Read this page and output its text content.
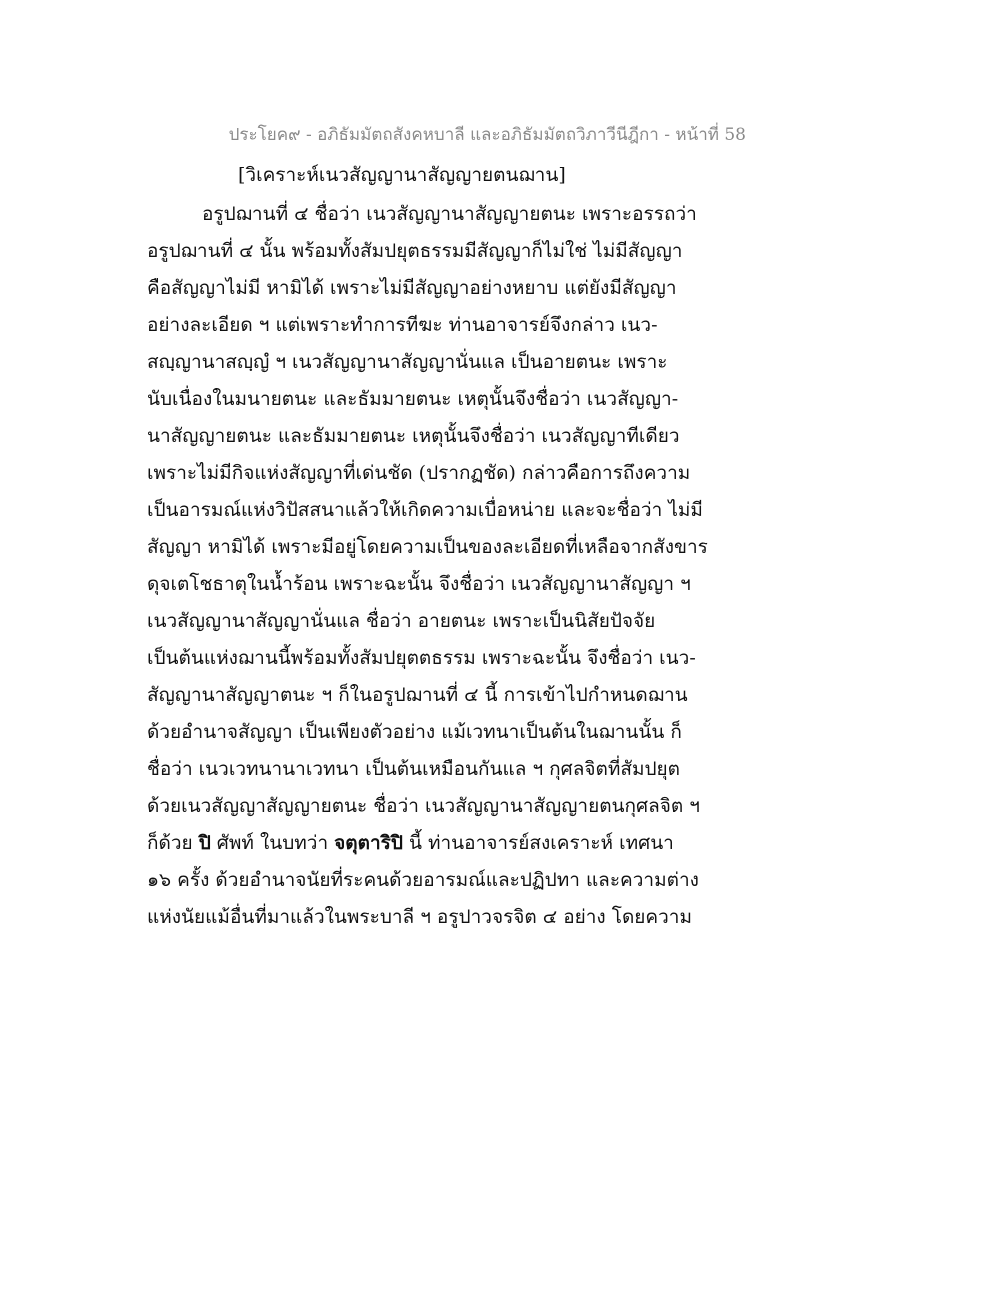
ประโยค๙ - อภิธัมมัตถสังคหบาลี และอภิธัมมัตถวิภาวีนีฎีกา - หน้าที่ 58
[วิเคราะห์เนวสัญญานาสัญญายตนฌาน]
อรูปฌานที่ ๔ ชื่อว่า เนวสัญญานาสัญญายตนะ เพราะอรรถว่า
อรูปฌานที่ ๔ นั้น พร้อมทั้งสัมปยุตธรรมมีสัญญาก็ไม่ใช่ ไม่มีสัญญา
คือสัญญาไม่มี หามิได้ เพราะไม่มีสัญญาอย่างหยาบ แต่ยังมีสัญญา
อย่างละเอียด ฯ แต่เพราะทำการทีฆะ ท่านอาจารย์จึงกล่าว เนว-
สญฺญานาสญฺญํ ฯ เนวสัญญานาสัญญานั่นแล เป็นอายตนะ เพราะ
นับเนื่องในมนายตนะ และธัมมายตนะ เหตุนั้นจึงชื่อว่า เนวสัญญา-
นาสัญญายตนะ และธัมมายตนะ เหตุนั้นจึงชื่อว่า เนวสัญญาทีเดียว
เพราะไม่มีกิจแห่งสัญญาที่เด่นชัด (ปรากฏชัด) กล่าวคือการถึงความ
เป็นอารมณ์แห่งวิปัสสนาแล้วให้เกิดความเบื่อหน่าย และจะชื่อว่า ไม่มี
สัญญา หามิได้ เพราะมีอยู่โดยความเป็นของละเอียดที่เหลือจากสังขาร
ดุจเตโชธาตุในน้ำร้อน เพราะฉะนั้น จึงชื่อว่า เนวสัญญานาสัญญา ฯ
เนวสัญญานาสัญญานั่นแล ชื่อว่า อายตนะ เพราะเป็นนิสัยปัจจัย
เป็นต้นแห่งฌานนี้พร้อมทั้งสัมปยุตตธรรม เพราะฉะนั้น จึงชื่อว่า เนว-
สัญญานาสัญญาตนะ ฯ ก็ในอรูปฌานที่ ๔ นี้ การเข้าไปกำหนดฌาน
ด้วยอำนาจสัญญา เป็นเพียงตัวอย่าง แม้เวทนาเป็นต้นในฌานนั้น ก็
ชื่อว่า เนวเวทนานาเวทนา เป็นต้นเหมือนกันแล ฯ กุศลจิตที่สัมปยุต
ด้วยเนวสัญญาสัญญายตนะ ชื่อว่า เนวสัญญานาสัญญายตนกุศลจิต ฯ
ก็ด้วย ปิ ศัพท์ ในบทว่า จตุตาริปิ นี้ ท่านอาจารย์สงเคราะห์ เทศนา
๑๖ ครั้ง ด้วยอำนาจนัยที่ระคนด้วยอารมณ์และปฏิปทา และความต่าง
แห่งนัยแม้อื่นที่มาแล้วในพระบาลี ฯ อรูปาวจรจิต ๔ อย่าง โดยความ
